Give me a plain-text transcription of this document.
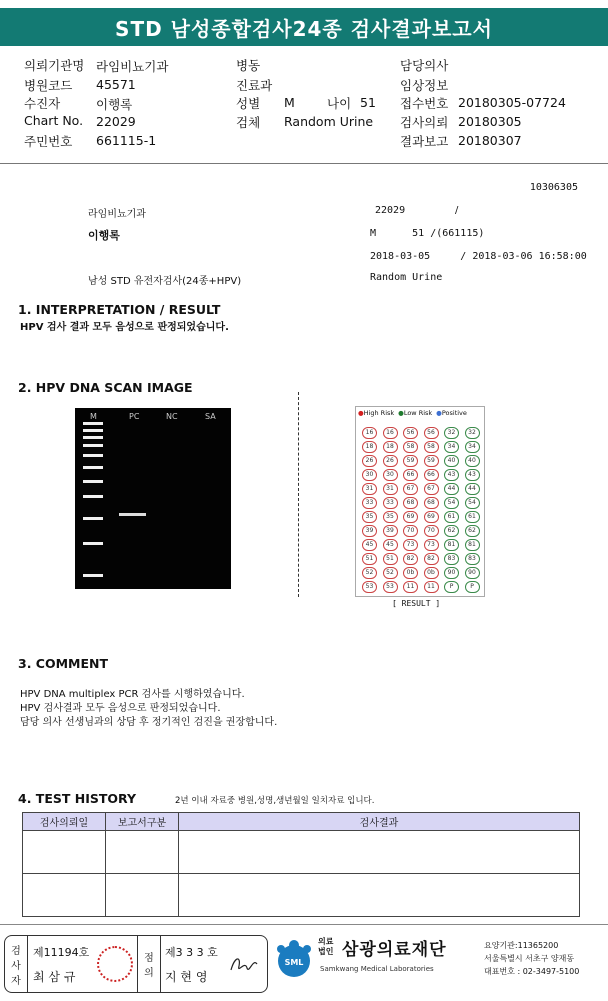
STD 남성종합검사24종 검사결과보고서
의뢰기관명 라임비뇨기과
병원코드 45571
수진자	이행록
Chart No. 22029
주민번호 661115-1
병동
진료과
성별 M
검체 Random Urine
담당의사
임상정보
접수번호 20180305-07724
검사의뢰 20180305
결과보고 20180307
나이 51
10306305
라임비뇨기과	22029	/
이행록	M      51 /(661115)
2018-03-05     / 2018-03-06 16:58:00
남성 STD 유전자검사(24종+HPV)	Random Urine
1. INTERPRETATION / RESULT
HPV 검사 결과 모두 음성으로 판정되었습니다.
2. HPV DNA SCAN IMAGE
M	PC	NC	SA	●High Risk ●Low Risk ●Positive
16	16	56	56	32	32
18	18	58	58	34	34
26	26	59	59	40	40
30	30	66	66	43	43
31	31	67	67	44	44
33	33	68	68	54	54
35	35	69	69	61	61
39	39	70	70	62	62
45	45	73	73	81	81
51	51	82	82	83	83
52	52	0b	0b	90	90
53	53	11	11	P	P
[ RESULT ]
3. COMMENT
HPV DNA multiplex PCR 검사를 시행하였습니다.
HPV 검사결과 모두 음성으로 판정되었습니다.
담당 의사 선생님과의 상담 후 정기적인 검진을 권장합니다.
4. TEST HISTORY	2년 이내 자료중 병원,성명,생년월일 일치자료 입니다.
검사의뢰일	보고서구분	검사결과

검
사
자
제11194호
최 삼 규
점
의
제3 3 3 호
지 현 영
SML
의료
법인 삼광의료재단
Samkwang Medical Laboratories
요양기관:11365200
서울특별시 서초구 양재동
대표번호 : 02-3497-5100
